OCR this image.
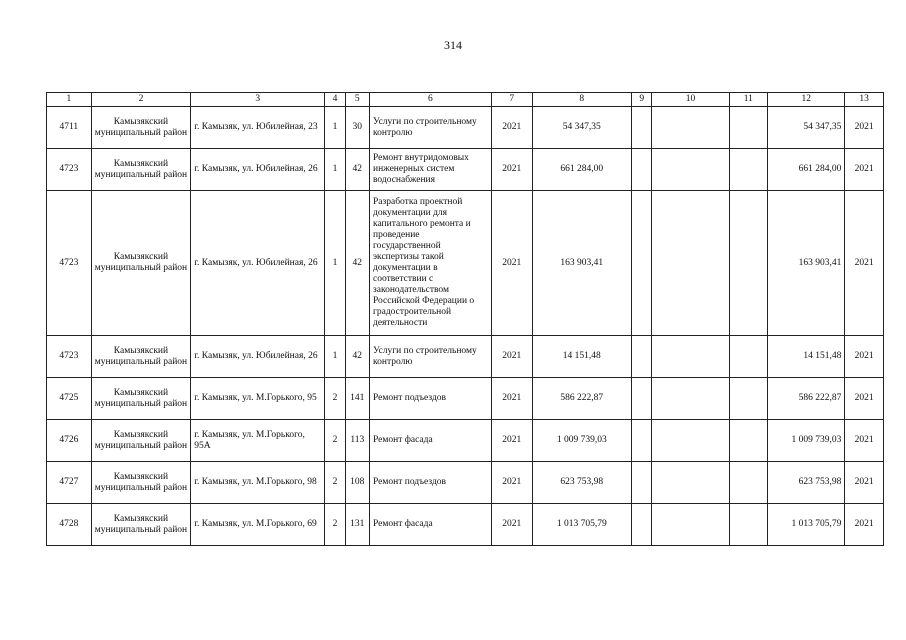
314
1	2	3	4	5	6	7	8	9	10	11	12	13
4711	Камызякский муниципальный район	г. Камызяк, ул. Юбилейная, 23	1	30	Услуги по строительному контролю	2021	54 347,35				54 347,35	2021
4723	Камызякский муниципальный район	г. Камызяк, ул. Юбилейная, 26	1	42	Ремонт внутридомовых инженерных систем водоснабжения	2021	661 284,00				661 284,00	2021
4723	Камызякский муниципальный район	г. Камызяк, ул. Юбилейная, 26	1	42	Разработка проектной документации для капитального ремонта и проведение государственной экспертизы такой документации в соответствии с законодательством Российской Федерации о градостроительной деятельности	2021	163 903,41				163 903,41	2021
4723	Камызякский муниципальный район	г. Камызяк, ул. Юбилейная, 26	1	42	Услуги по строительному контролю	2021	14 151,48				14 151,48	2021
4725	Камызякский муниципальный район	г. Камызяк, ул. М.Горького, 95	2	141	Ремонт подъездов	2021	586 222,87				586 222,87	2021
4726	Камызякский муниципальный район	г. Камызяк, ул. М.Горького, 95А	2	113	Ремонт фасада	2021	1 009 739,03				1 009 739,03	2021
4727	Камызякский муниципальный район	г. Камызяк, ул. М.Горького, 98	2	108	Ремонт подъездов	2021	623 753,98				623 753,98	2021
4728	Камызякский муниципальный район	г. Камызяк, ул. М.Горького, 69	2	131	Ремонт фасада	2021	1 013 705,79				1 013 705,79	2021
